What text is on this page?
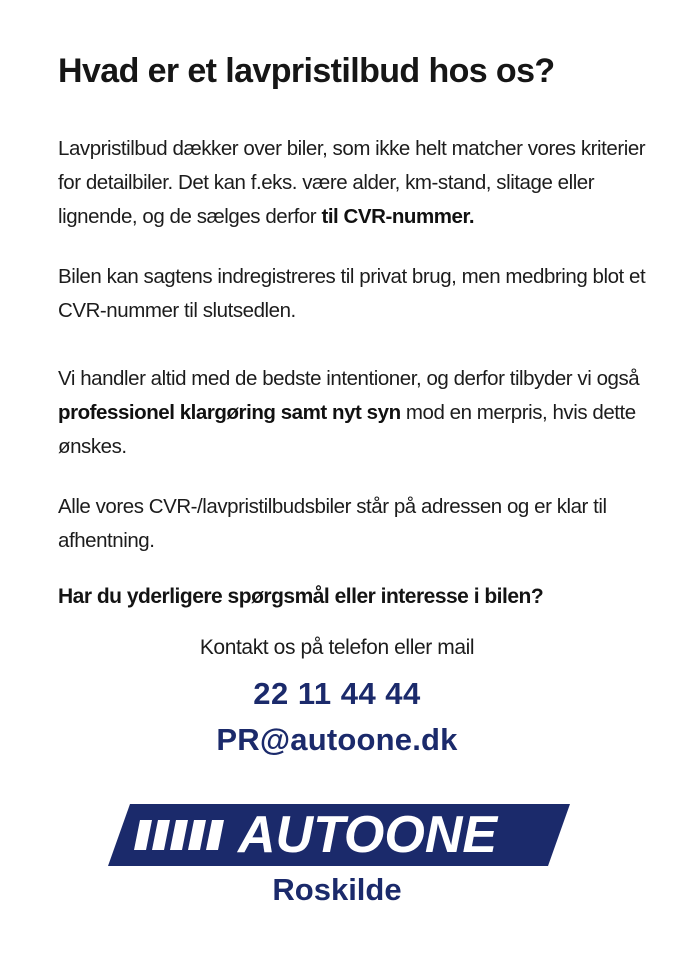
Hvad er et lavpristilbud hos os?
Lavpristilbud dækker over biler, som ikke helt matcher vores kriterier for detailbiler. Det kan f.eks. være alder, km-stand, slitage eller lignende, og de sælges derfor til CVR-nummer.
Bilen kan sagtens indregistreres til privat brug, men medbring blot et CVR-nummer til slutsedlen.
Vi handler altid med de bedste intentioner, og derfor tilbyder vi også professionel klargøring samt nyt syn mod en merpris, hvis dette ønskes.
Alle vores CVR-/lavpristilbudsbiler står på adressen og er klar til afhentning.
Har du yderligere spørgsmål eller interesse i bilen?
Kontakt os på telefon eller mail
22 11 44 44
PR@autoone.dk
AUTOONE
Roskilde
